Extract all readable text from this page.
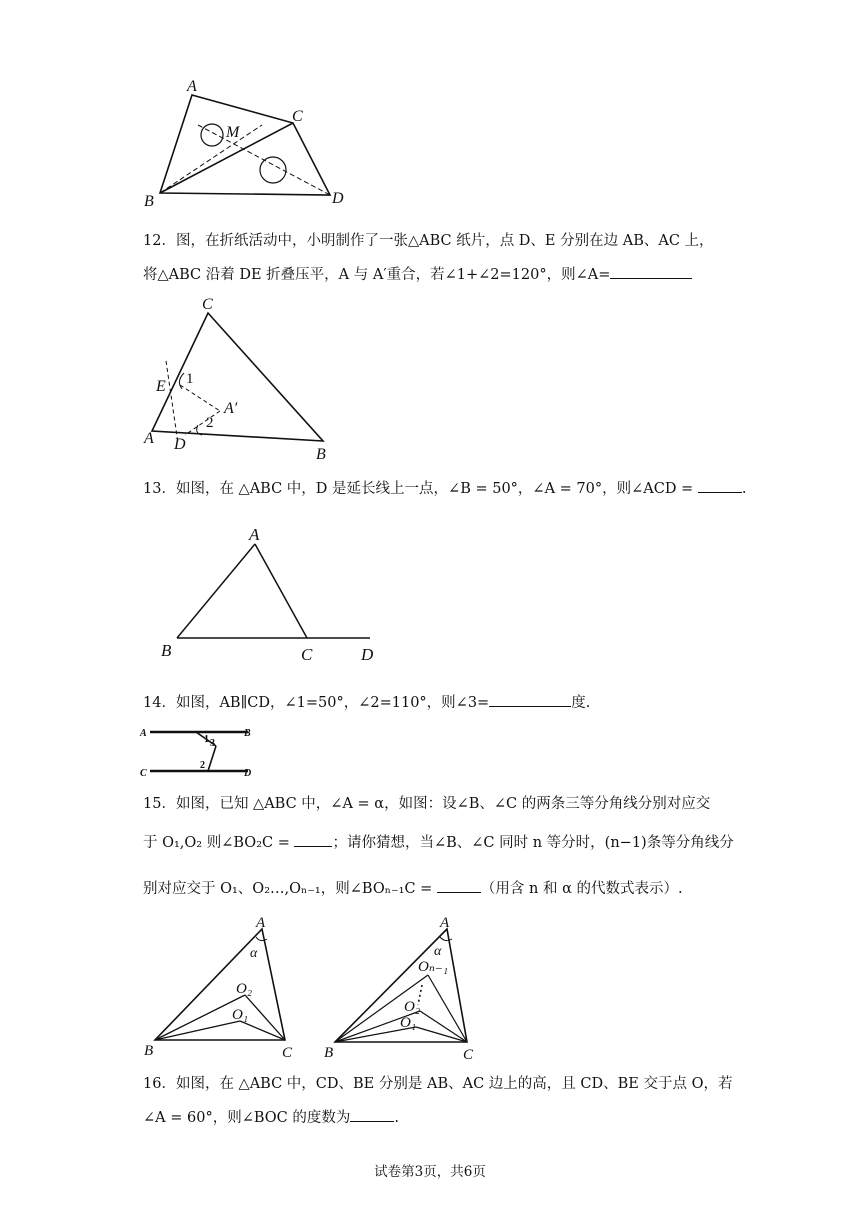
A
C
M
B	D
12．图，在折纸活动中，小明制作了一张△ABC 纸片，点 D、E 分别在边 AB、AC 上，
将△ABC 沿着 DE 折叠压平，A 与 A′重合，若∠1+∠2=120°，则∠A=
C
E 1
A′
2
A D
B
13．如图，在 △ABC 中，D 是延长线上一点，∠B = 50°，∠A = 70°，则∠ACD =	.
A
B	C	D
14．如图，AB∥CD，∠1=50°，∠2=110°，则∠3=	度.
A	B
C	D
1 3
2
15．如图，已知 △ABC 中，∠A = α，如图：设∠B、∠C 的两条三等分角线分别对应交
于 O₁,O₂ 则∠BO₂C =	；请你猜想，当∠B、∠C 同时 n 等分时，(n−1)条等分角线分
别对应交于 O₁、O₂…,Oₙ₋₁，则∠BOₙ₋₁C =	（用含 n 和 α 的代数式表示）.
A
α
O₂
O₁
B	C
A
α
Oₙ₋₁
O₂
O₁
B	C
16．如图，在 △ABC 中，CD、BE 分别是 AB、AC 边上的高，且 CD、BE 交于点 O，若
∠A = 60°，则∠BOC 的度数为	.
试卷第3页，共6页
